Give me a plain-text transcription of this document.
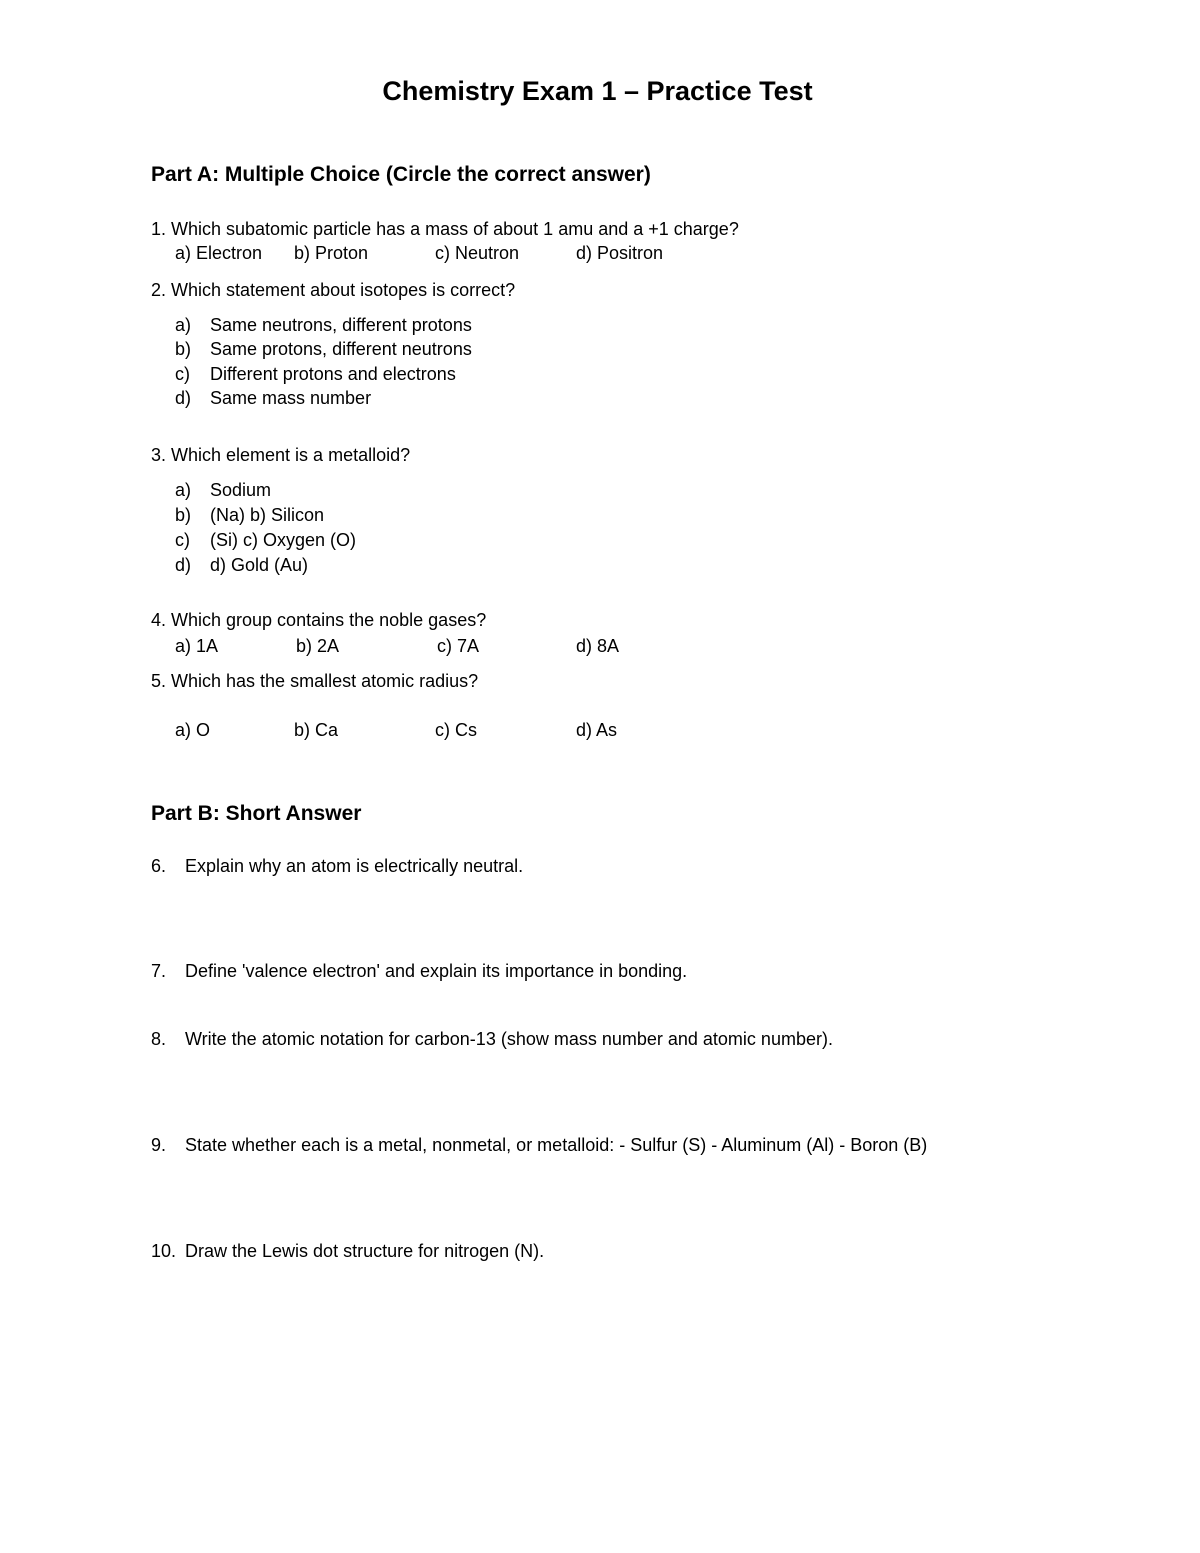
Chemistry Exam 1 – Practice Test
Part A: Multiple Choice (Circle the correct answer)
1. Which subatomic particle has a mass of about 1 amu and a +1 charge?
a) Electron b) Proton	c) Neutron	d) Positron
2. Which statement about isotopes is correct?
a) Same neutrons, different protons
b) Same protons, different neutrons
c) Different protons and electrons
d) Same mass number
3. Which element is a metalloid?
a) Sodium
b) (Na) b) Silicon
c) (Si) c) Oxygen (O)
d) d) Gold (Au)
4. Which group contains the noble gases?
a) 1A	b) 2A	c) 7A	d) 8A
5. Which has the smallest atomic radius?
a) O	b) Ca	c) Cs	d) As
Part B: Short Answer
6. Explain why an atom is electrically neutral.
7. Define 'valence electron' and explain its importance in bonding.
8. Write the atomic notation for carbon-13 (show mass number and atomic number).
9. State whether each is a metal, nonmetal, or metalloid: - Sulfur (S) - Aluminum (Al) - Boron (B)
10. Draw the Lewis dot structure for nitrogen (N).
